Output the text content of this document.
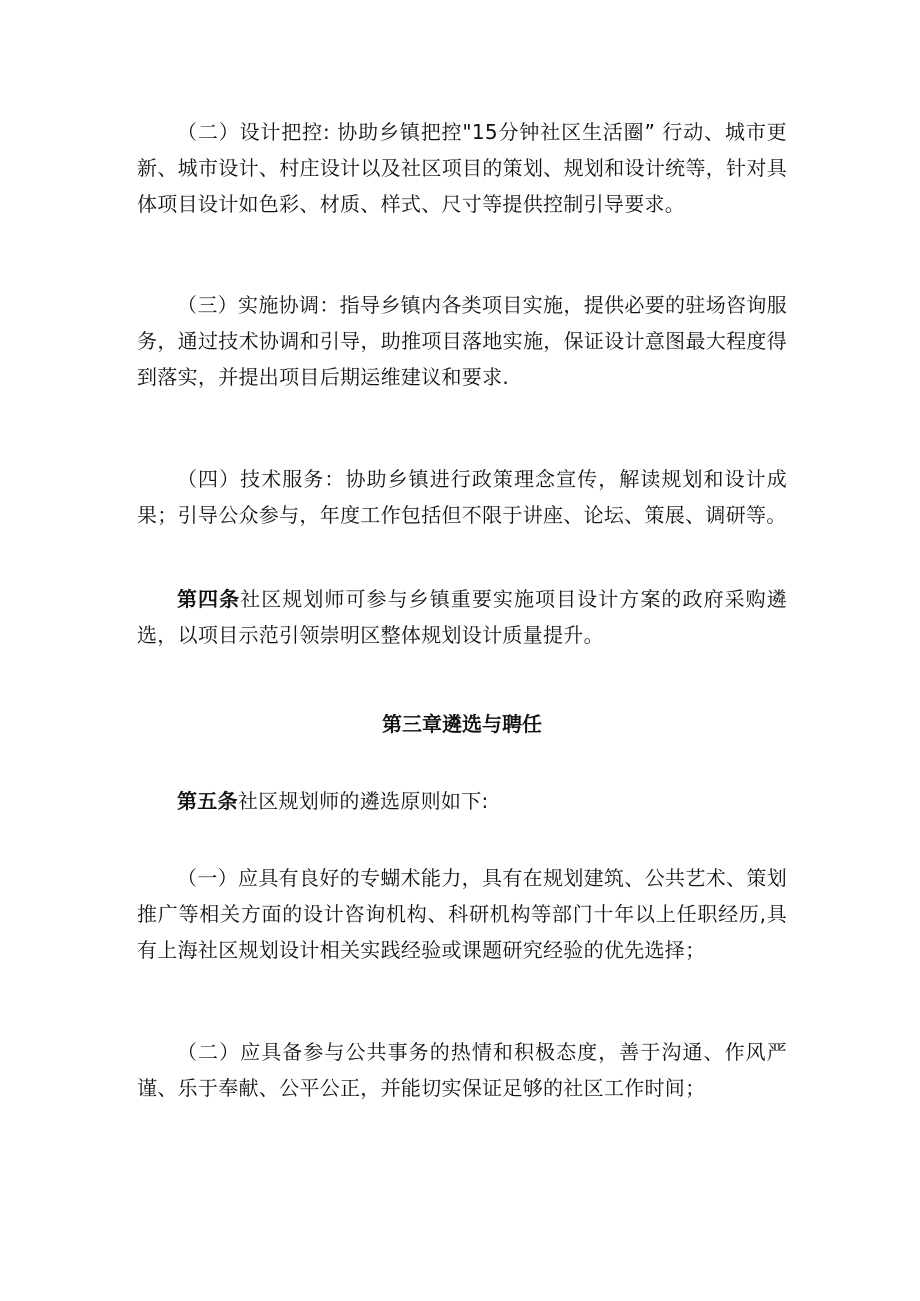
（二）设计把控: 协助乡镇把控"15分钟社区生活圈” 行动、城市更新、城市设计、村庄设计以及社区项目的策划、规划和设计统等，针对具体项目设计如色彩、材质、样式、尺寸等提供控制引导要求。

（三）实施协调：指导乡镇内各类项目实施，提供必要的驻场咨询服务，通过技术协调和引导，助推项目落地实施，保证设计意图最大程度得到落实，并提出项目后期运维建议和要求.

（四）技术服务：协助乡镇进行政策理念宣传，解读规划和设计成果；引导公众参与，年度工作包括但不限于讲座、论坛、策展、调研等。

第四条社区规划师可参与乡镇重要实施项目设计方案的政府采购遴选，以项目示范引领崇明区整体规划设计质量提升。

第三章遴选与聘任

第五条社区规划师的遴选原则如下:

（一）应具有良好的专蝴术能力，具有在规划建筑、公共艺术、策划推广等相关方面的设计咨询机构、科研机构等部门十年以上任职经历,具有上海社区规划设计相关实践经验或课题研究经验的优先选择；

（二）应具备参与公共事务的热情和积极态度，善于沟通、作风严谨、乐于奉献、公平公正，并能切实保证足够的社区工作时间；
